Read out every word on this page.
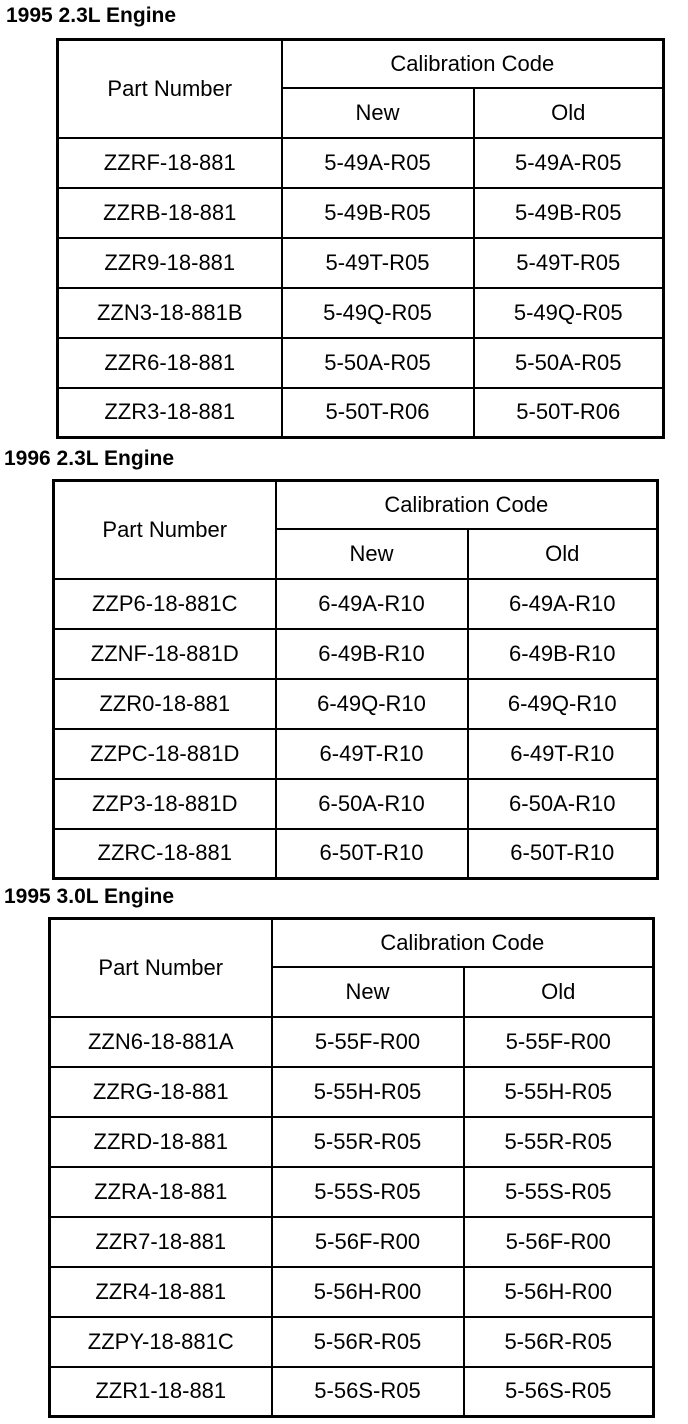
1995 2.3L Engine
Part Number	Calibration Code	
	New	Old
ZZRF-18-881	5-49A-R05	5-49A-R05
ZZRB-18-881	5-49B-R05	5-49B-R05
ZZR9-18-881	5-49T-R05	5-49T-R05
ZZN3-18-881B	5-49Q-R05	5-49Q-R05
ZZR6-18-881	5-50A-R05	5-50A-R05
ZZR3-18-881	5-50T-R06	5-50T-R06
1996 2.3L Engine
Part Number	Calibration Code	
	New	Old
ZZP6-18-881C	6-49A-R10	6-49A-R10
ZZNF-18-881D	6-49B-R10	6-49B-R10
ZZR0-18-881	6-49Q-R10	6-49Q-R10
ZZPC-18-881D	6-49T-R10	6-49T-R10
ZZP3-18-881D	6-50A-R10	6-50A-R10
ZZRC-18-881	6-50T-R10	6-50T-R10
1995 3.0L Engine
Part Number	Calibration Code	
	New	Old
ZZN6-18-881A	5-55F-R00	5-55F-R00
ZZRG-18-881	5-55H-R05	5-55H-R05
ZZRD-18-881	5-55R-R05	5-55R-R05
ZZRA-18-881	5-55S-R05	5-55S-R05
ZZR7-18-881	5-56F-R00	5-56F-R00
ZZR4-18-881	5-56H-R00	5-56H-R00
ZZPY-18-881C	5-56R-R05	5-56R-R05
ZZR1-18-881	5-56S-R05	5-56S-R05
